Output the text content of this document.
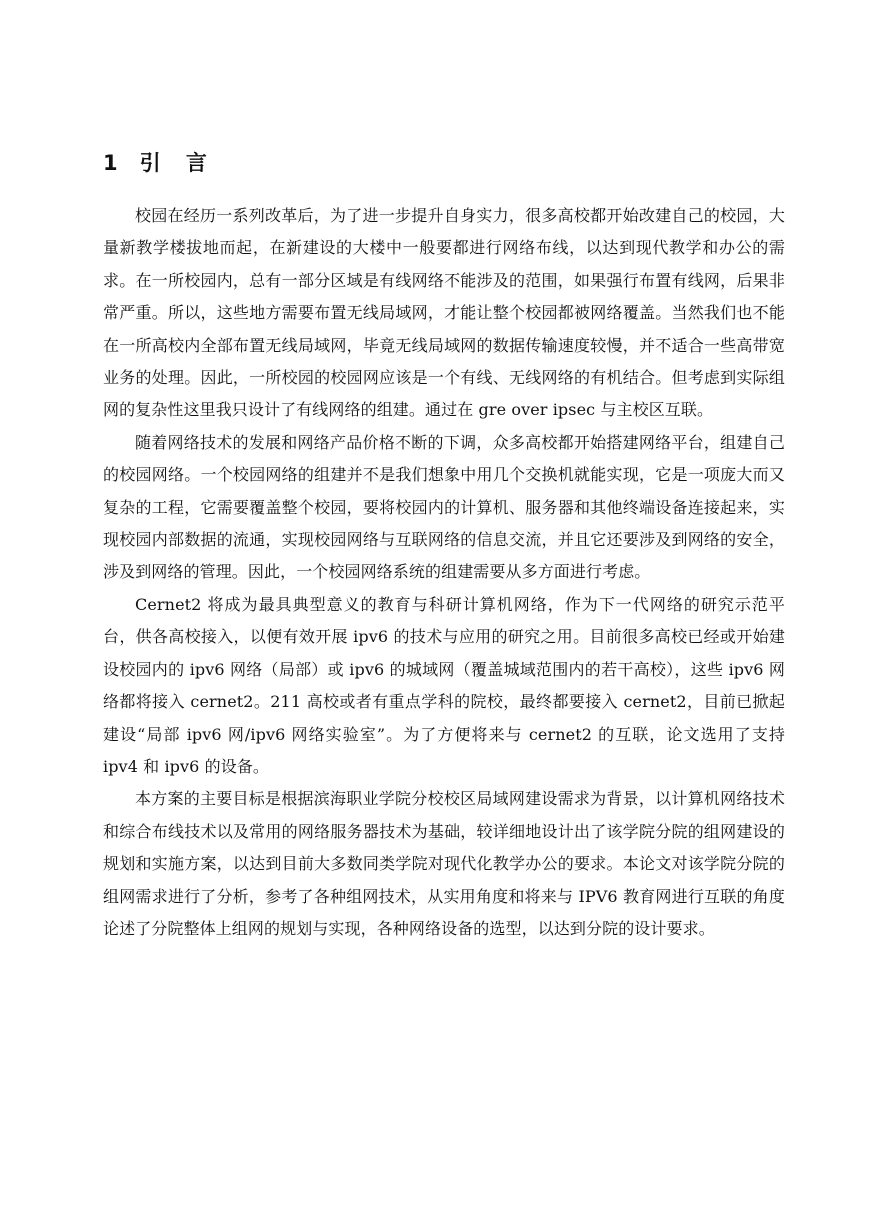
1 引 言

校园在经历一系列改革后，为了进一步提升自身实力，很多高校都开始改建自己的校园，大量新教学楼拔地而起，在新建设的大楼中一般要都进行网络布线，以达到现代教学和办公的需求。在一所校园内，总有一部分区域是有线网络不能涉及的范围，如果强行布置有线网，后果非常严重。所以，这些地方需要布置无线局域网，才能让整个校园都被网络覆盖。当然我们也不能在一所高校内全部布置无线局域网，毕竟无线局域网的数据传输速度较慢，并不适合一些高带宽业务的处理。因此，一所校园的校园网应该是一个有线、无线网络的有机结合。但考虑到实际组网的复杂性这里我只设计了有线网络的组建。通过在 gre over ipsec 与主校区互联。

随着网络技术的发展和网络产品价格不断的下调，众多高校都开始搭建网络平台，组建自己的校园网络。一个校园网络的组建并不是我们想象中用几个交换机就能实现，它是一项庞大而又复杂的工程，它需要覆盖整个校园，要将校园内的计算机、服务器和其他终端设备连接起来，实现校园内部数据的流通，实现校园网络与互联网络的信息交流，并且它还要涉及到网络的安全，涉及到网络的管理。因此，一个校园网络系统的组建需要从多方面进行考虑。

Cernet2 将成为最具典型意义的教育与科研计算机网络，作为下一代网络的研究示范平台，供各高校接入，以便有效开展 ipv6 的技术与应用的研究之用。目前很多高校已经或开始建设校园内的 ipv6 网络（局部）或 ipv6 的城域网（覆盖城域范围内的若干高校），这些 ipv6 网络都将接入 cernet2。211 高校或者有重点学科的院校，最终都要接入 cernet2，目前已掀起建设“局部 ipv6 网/ipv6 网络实验室”。为了方便将来与 cernet2 的互联，论文选用了支持 ipv4 和 ipv6 的设备。

本方案的主要目标是根据滨海职业学院分校校区局域网建设需求为背景，以计算机网络技术和综合布线技术以及常用的网络服务器技术为基础，较详细地设计出了该学院分院的组网建设的规划和实施方案，以达到目前大多数同类学院对现代化教学办公的要求。本论文对该学院分院的组网需求进行了分析，参考了各种组网技术，从实用角度和将来与 IPV6 教育网进行互联的角度论述了分院整体上组网的规划与实现，各种网络设备的选型，以达到分院的设计要求。
